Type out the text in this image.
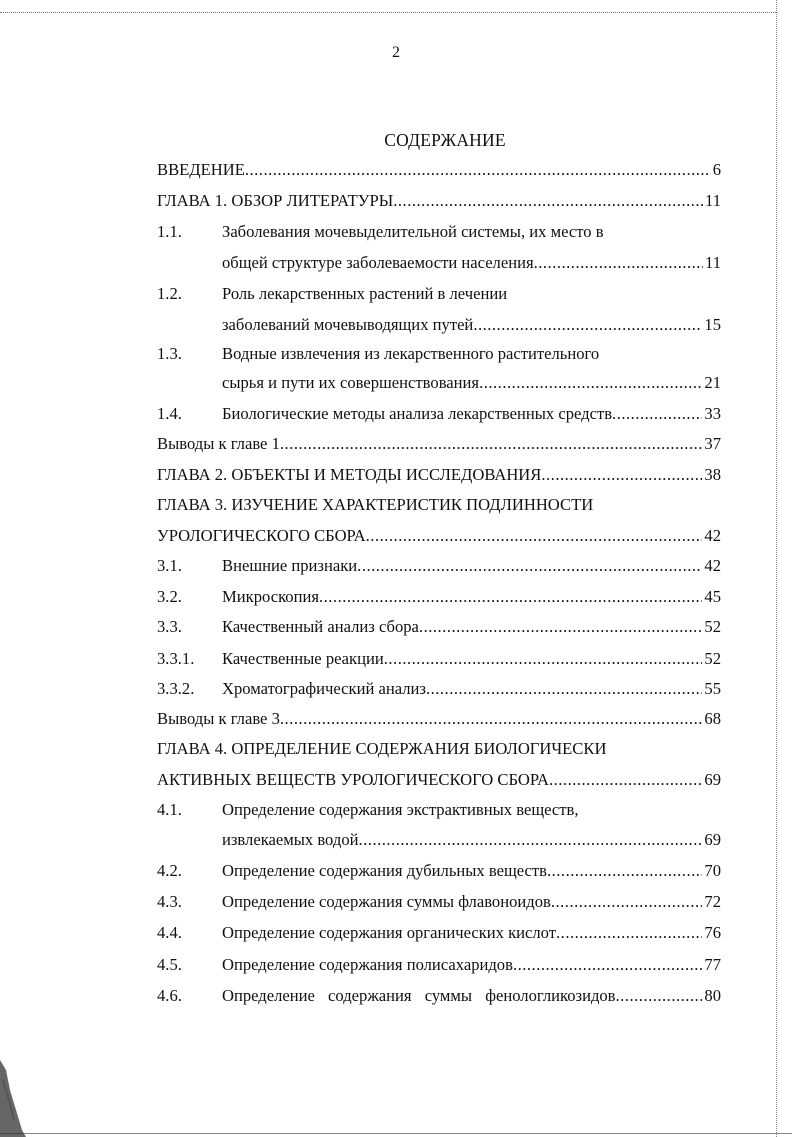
2
СОДЕРЖАНИЕ
ВВЕДЕНИЕ .....	6
ГЛАВА 1. ОБЗОР ЛИТЕРАТУРЫ .....	11
1.1. Заболевания мочевыделительной системы, их место в
общей структуре заболеваемости населения .....	11
1.2. Роль лекарственных растений в лечении
заболеваний мочевыводящих путей .....	15
1.3. Водные извлечения из лекарственного растительного
сырья и пути их совершенствования .....	21
1.4. Биологические методы анализа лекарственных средств .....	33
Выводы к главе 1 .....	37
ГЛАВА 2. ОБЪЕКТЫ И МЕТОДЫ ИССЛЕДОВАНИЯ .....	38
ГЛАВА 3. ИЗУЧЕНИЕ ХАРАКТЕРИСТИК ПОДЛИННОСТИ
УРОЛОГИЧЕСКОГО СБОРА .....	42
3.1. Внешние признаки .....	42
3.2. Микроскопия .....	45
3.3. Качественный анализ сбора .....	52
3.3.1. Качественные реакции .....	52
3.3.2. Хроматографический анализ .....	55
Выводы к главе 3 .....	68
ГЛАВА 4. ОПРЕДЕЛЕНИЕ СОДЕРЖАНИЯ БИОЛОГИЧЕСКИ
АКТИВНЫХ ВЕЩЕСТВ УРОЛОГИЧЕСКОГО СБОРА .....	69
4.1. Определение содержания экстрактивных веществ,
извлекаемых водой .....	69
4.2. Определение содержания дубильных веществ .....	70
4.3. Определение содержания суммы флавоноидов .....	72
4.4. Определение содержания органических кислот .....	76
4.5. Определение содержания полисахаридов .....	77
4.6. Определение содержания суммы фенологликозидов .....	80
